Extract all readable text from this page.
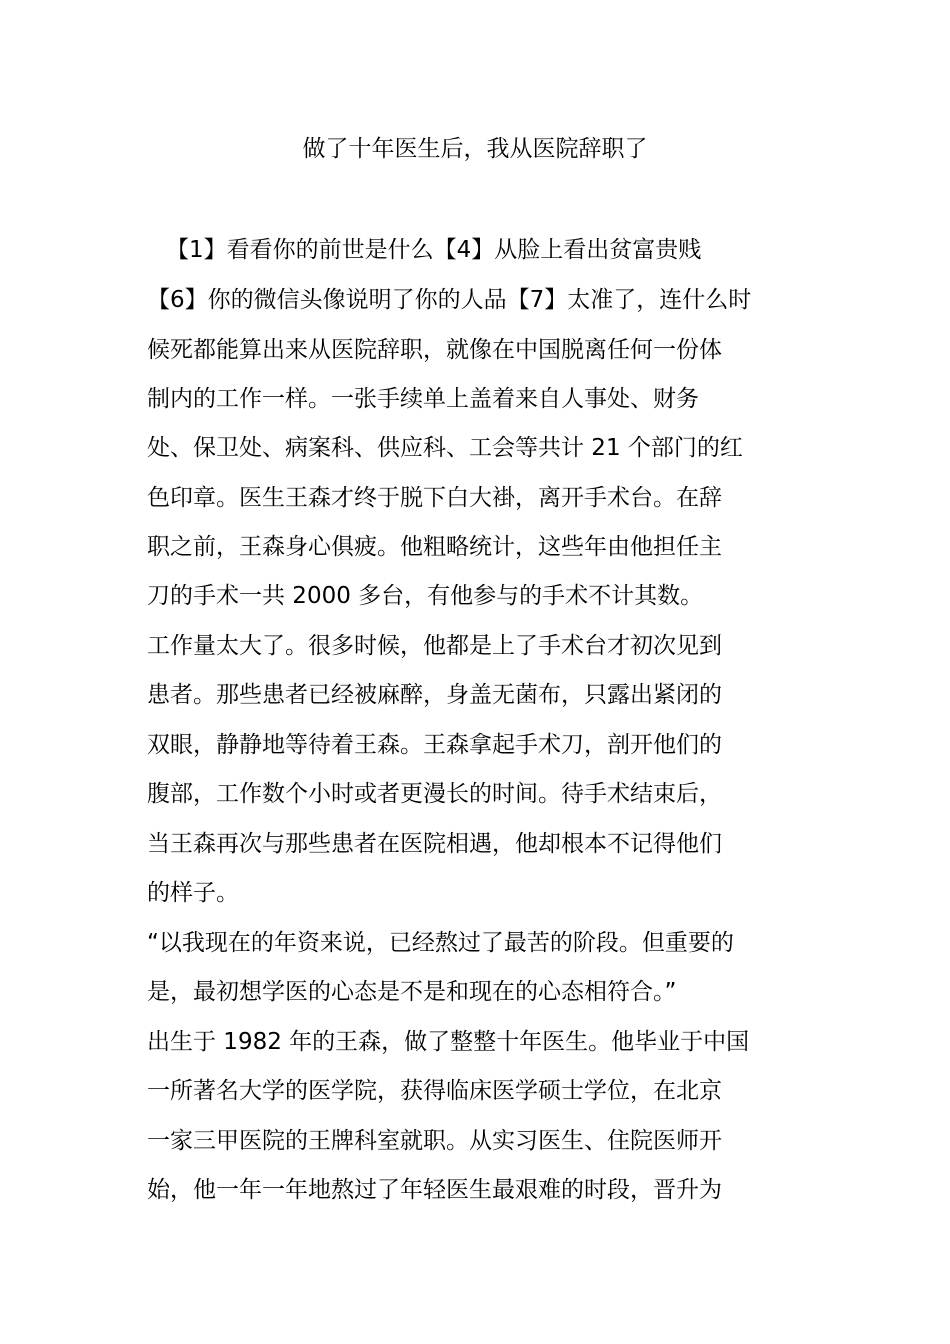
做了十年医生后，我从医院辞职了
【1】看看你的前世是什么【4】从脸上看出贫富贵贱
【6】你的微信头像说明了你的人品【7】太准了，连什么时
候死都能算出来从医院辞职，就像在中国脱离任何一份体
制内的工作一样。一张手续单上盖着来自人事处、财务
处、保卫处、病案科、供应科、工会等共计 21 个部门的红
色印章。医生王森才终于脱下白大褂，离开手术台。在辞
职之前，王森身心俱疲。他粗略统计，这些年由他担任主
刀的手术一共 2000 多台，有他参与的手术不计其数。
工作量太大了。很多时候，他都是上了手术台才初次见到
患者。那些患者已经被麻醉，身盖无菌布，只露出紧闭的
双眼，静静地等待着王森。王森拿起手术刀，剖开他们的
腹部，工作数个小时或者更漫长的时间。待手术结束后，
当王森再次与那些患者在医院相遇，他却根本不记得他们
的样子。
“以我现在的年资来说，已经熬过了最苦的阶段。但重要的
是，最初想学医的心态是不是和现在的心态相符合。”
出生于 1982 年的王森，做了整整十年医生。他毕业于中国
一所著名大学的医学院，获得临床医学硕士学位，在北京
一家三甲医院的王牌科室就职。从实习医生、住院医师开
始，他一年一年地熬过了年轻医生最艰难的时段，晋升为
